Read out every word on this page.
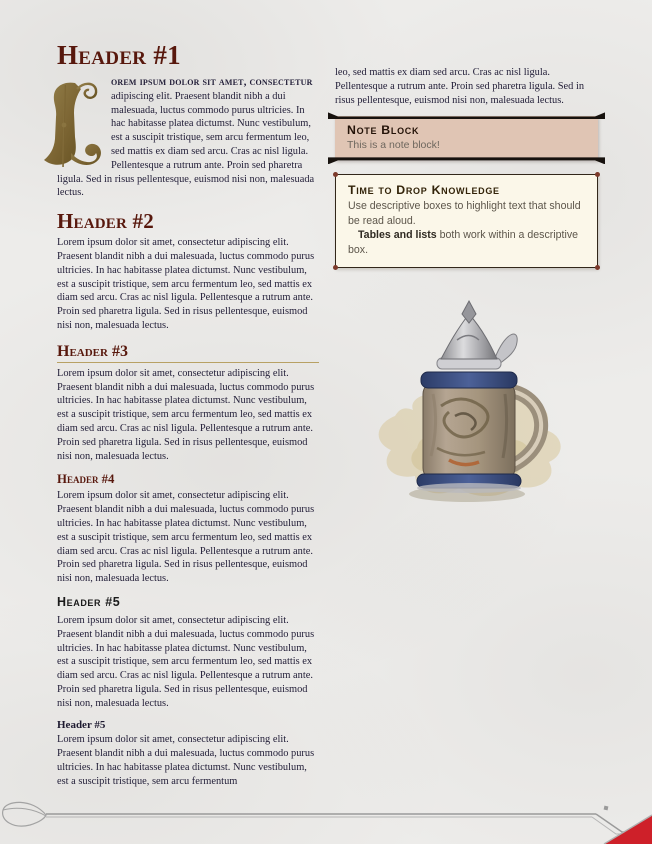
Header #1

orem ipsum dolor sit amet, consectetur adipiscing elit. Praesent blandit nibh a dui malesuada, luctus commodo purus ultricies. In hac habitasse platea dictumst. Nunc vestibulum, est a suscipit tristique, sem arcu fermentum leo, sed mattis ex diam sed arcu. Cras ac nisl ligula. Pellentesque a rutrum ante. Proin sed pharetra ligula. Sed in risus pellentesque, euismod nisi non, malesuada lectus.

Header #2

Lorem ipsum dolor sit amet, consectetur adipiscing elit. Praesent blandit nibh a dui malesuada, luctus commodo purus ultricies. In hac habitasse platea dictumst. Nunc vestibulum, est a suscipit tristique, sem arcu fermentum leo, sed mattis ex diam sed arcu. Cras ac nisl ligula. Pellentesque a rutrum ante. Proin sed pharetra ligula. Sed in risus pellentesque, euismod nisi non, malesuada lectus.

Header #3

Lorem ipsum dolor sit amet, consectetur adipiscing elit. Praesent blandit nibh a dui malesuada, luctus commodo purus ultricies. In hac habitasse platea dictumst. Nunc vestibulum, est a suscipit tristique, sem arcu fermentum leo, sed mattis ex diam sed arcu. Cras ac nisl ligula. Pellentesque a rutrum ante. Proin sed pharetra ligula. Sed in risus pellentesque, euismod nisi non, malesuada lectus.

Header #4

Lorem ipsum dolor sit amet, consectetur adipiscing elit. Praesent blandit nibh a dui malesuada, luctus commodo purus ultricies. In hac habitasse platea dictumst. Nunc vestibulum, est a suscipit tristique, sem arcu fermentum leo, sed mattis ex diam sed arcu. Cras ac nisl ligula. Pellentesque a rutrum ante. Proin sed pharetra ligula. Sed in risus pellentesque, euismod nisi non, malesuada lectus.

Header #5

Lorem ipsum dolor sit amet, consectetur adipiscing elit. Praesent blandit nibh a dui malesuada, luctus commodo purus ultricies. In hac habitasse platea dictumst. Nunc vestibulum, est a suscipit tristique, sem arcu fermentum leo, sed mattis ex diam sed arcu. Cras ac nisl ligula. Pellentesque a rutrum ante. Proin sed pharetra ligula. Sed in risus pellentesque, euismod nisi non, malesuada lectus.

Header #5

Lorem ipsum dolor sit amet, consectetur adipiscing elit. Praesent blandit nibh a dui malesuada, luctus commodo purus ultricies. In hac habitasse platea dictumst. Nunc vestibulum, est a suscipit tristique, sem arcu fermentum

leo, sed mattis ex diam sed arcu. Cras ac nisl ligula. Pellentesque a rutrum ante. Proin sed pharetra ligula. Sed in risus pellentesque, euismod nisi non, malesuada lectus.

Note Block

This is a note block!

Time to Drop Knowledge

Use descriptive boxes to highlight text that should be read aloud.

Tables and lists both work within a descriptive box.
